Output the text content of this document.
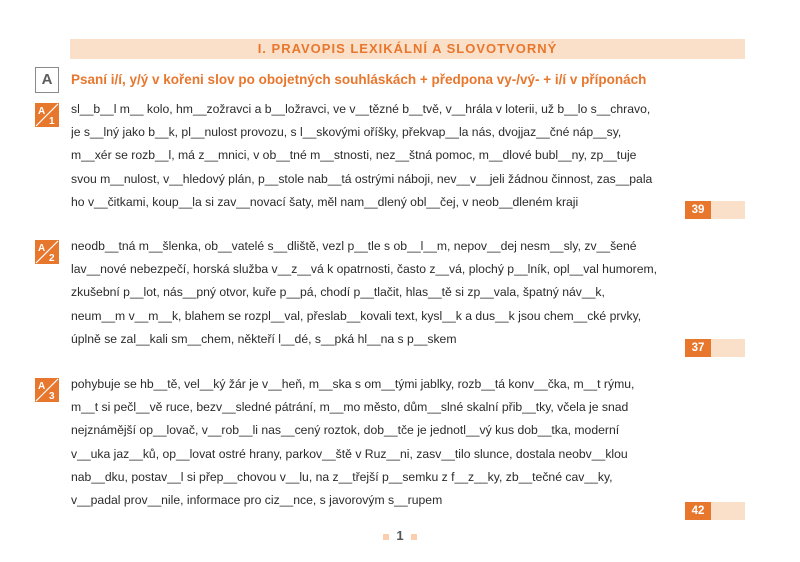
I. PRAVOPIS LEXIKÁLNÍ A SLOVOTVORNÝ
A	Psaní i/í, y/ý v kořeni slov po obojetných souhláskách + předpona vy-/vý- + i/í v příponách
A
1
sl__b__l m__ kolo, hm__zožravci a b__ložravci, ve v__tězné b__tvě, v__hrála v loterii, už b__lo s__chravo,
je s__lný jako b__k, pl__nulost provozu, s l__skovými oříšky, překvap__la nás, dvojjaz__čné náp__sy,
m__xér se rozb__l, má z__mnici, v ob__tné m__stnosti, nez__štná pomoc, m__dlové bubl__ny, zp__tuje
svou m__nulost, v__hledový plán, p__stole nab__tá ostrými náboji, nev__v__jeli žádnou činnost, zas__pala
ho v__čitkami, koup__la si zav__novací šaty, měl nam__dlený obl__čej, v neob__dleném kraji
39
A
2
neodb__tná m__šlenka, ob__vatelé s__dliště, vezl p__tle s ob__l__m, nepov__dej nesm__sly, zv__šené
lav__nové nebezpečí, horská služba v__z__vá k opatrnosti, často z__vá, plochý p__lník, opl__val humorem,
zkušební p__lot, nás__pný otvor, kuře p__pá, chodí p__tlačit, hlas__tě si zp__vala, špatný náv__k,
neum__m v__m__k, blahem se rozpl__val, přeslab__kovali text, kysl__k a dus__k jsou chem__cké prvky,
úplně se zal__kali sm__chem, někteří l__dé, s__pká hl__na s p__skem
37
A
3
pohybuje se hb__tě, vel__ký žár je v__heň, m__ska s om__tými jablky, rozb__tá konv__čka, m__t rýmu,
m__t si pečl__vě ruce, bezv__sledné pátrání, m__mo město, dům__slné skalní přib__tky, včela je snad
nejznámější op__lovač, v__rob__li nas__cený roztok, dob__tče je jednotl__vý kus dob__tka, moderní
v__uka jaz__ků, op__lovat ostré hrany, parkov__ště v Ruz__ni, zasv__tilo slunce, dostala neobv__klou
nab__dku, postav__l si přep__chovou v__lu, na z__třejší p__semku z f__z__ky, zb__tečné cav__ky,
v__padal prov__nile, informace pro ciz__nce, s javorovým s__rupem
42
1
